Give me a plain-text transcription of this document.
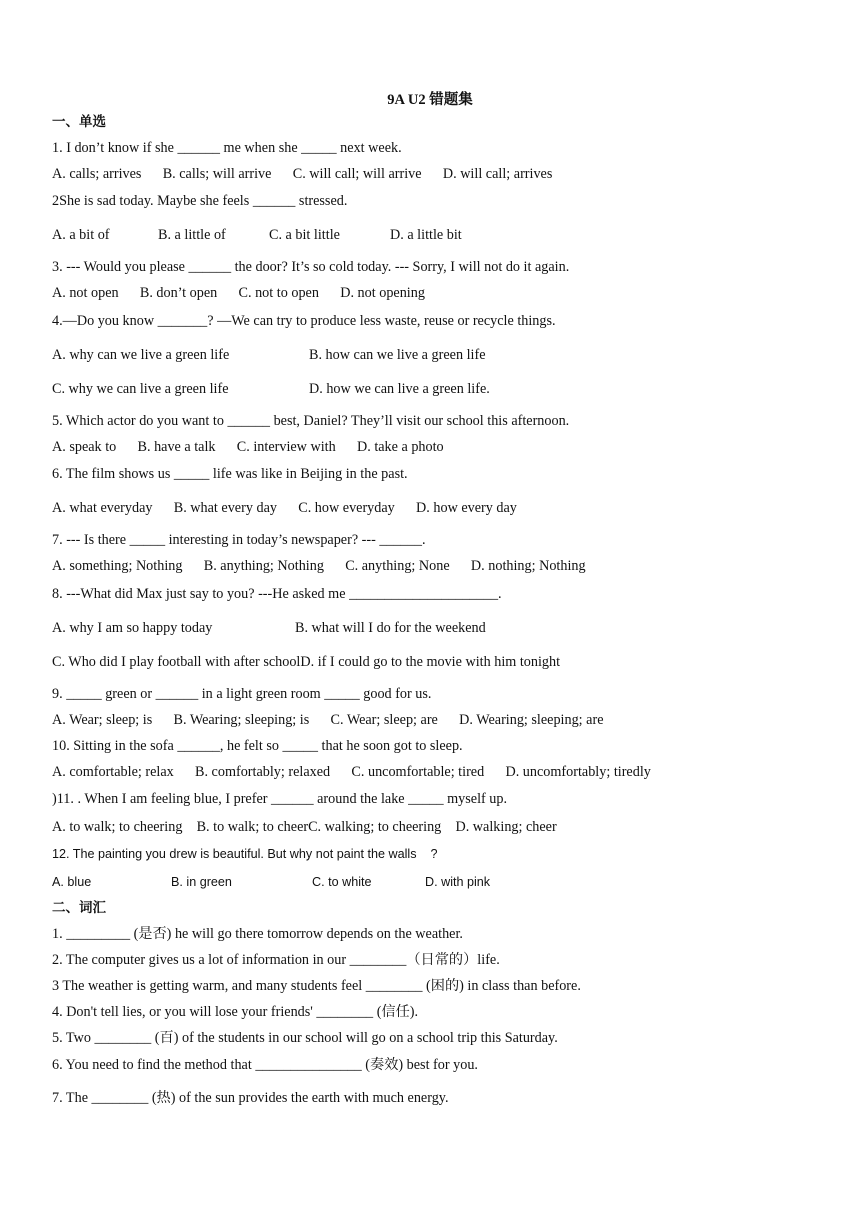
9A U2 错题集
一、单选
1. I don’t know if she ______ me when she _____ next week.
A. calls; arrives      B. calls; will arrive      C. will call; will arrive      D. will call; arrives
2She is sad today. Maybe she feels ______ stressed.
A. a bit of	B. a little of	C. a bit little	D. a little bit
3. --- Would you please ______ the door? It’s so cold today. --- Sorry, I will not do it again.
A. not open      B. don’t open      C. not to open      D. not opening
4.—Do you know _______? —We can try to produce less waste, reuse or recycle things.
A. why can we live a green life	B. how can we live a green life
C. why we can live a green life	D. how we can live a green life.
5. Which actor do you want to ______ best, Daniel? They’ll visit our school this afternoon.
A. speak to      B. have a talk      C. interview with      D. take a photo
6. The film shows us _____ life was like in Beijing in the past.
A. what everyday      B. what every day      C. how everyday      D. how every day
7. --- Is there _____ interesting in today’s newspaper? --- ______.
A. something; Nothing      B. anything; Nothing      C. anything; None      D. nothing; Nothing
8. ---What did Max just say to you? ---He asked me _____________________.
A. why I am so happy today	B. what will I do for the weekend
C. Who did I play football with after schoolD. if I could go to the movie with him tonight
9. _____ green or ______ in a light green room _____ good for us.
A. Wear; sleep; is      B. Wearing; sleeping; is      C. Wear; sleep; are      D. Wearing; sleeping; are
10. Sitting in the sofa ______, he felt so _____ that he soon got to sleep.
A. comfortable; relax      B. comfortably; relaxed      C. uncomfortable; tired      D. uncomfortably; tiredly
)11. . When I am feeling blue, I prefer ______ around the lake _____ myself up.
A. to walk; to cheering    B. to walk; to cheerC. walking; to cheering    D. walking; cheer
12. The painting you drew is beautiful. But why not paint the walls    ?
A. blue	B. in green	C. to white	D. with pink
二、词汇
1. _________ (是否) he will go there tomorrow depends on the weather.
2. The computer gives us a lot of information in our ________（日常的）life.
3 The weather is getting warm, and many students feel ________ (困的) in class than before.
4. Don't tell lies, or you will lose your friends' ________ (信任).
5. Two ________ (百) of the students in our school will go on a school trip this Saturday.
6. You need to find the method that _______________ (奏效) best for you.
7. The ________ (热) of the sun provides the earth with much energy.
